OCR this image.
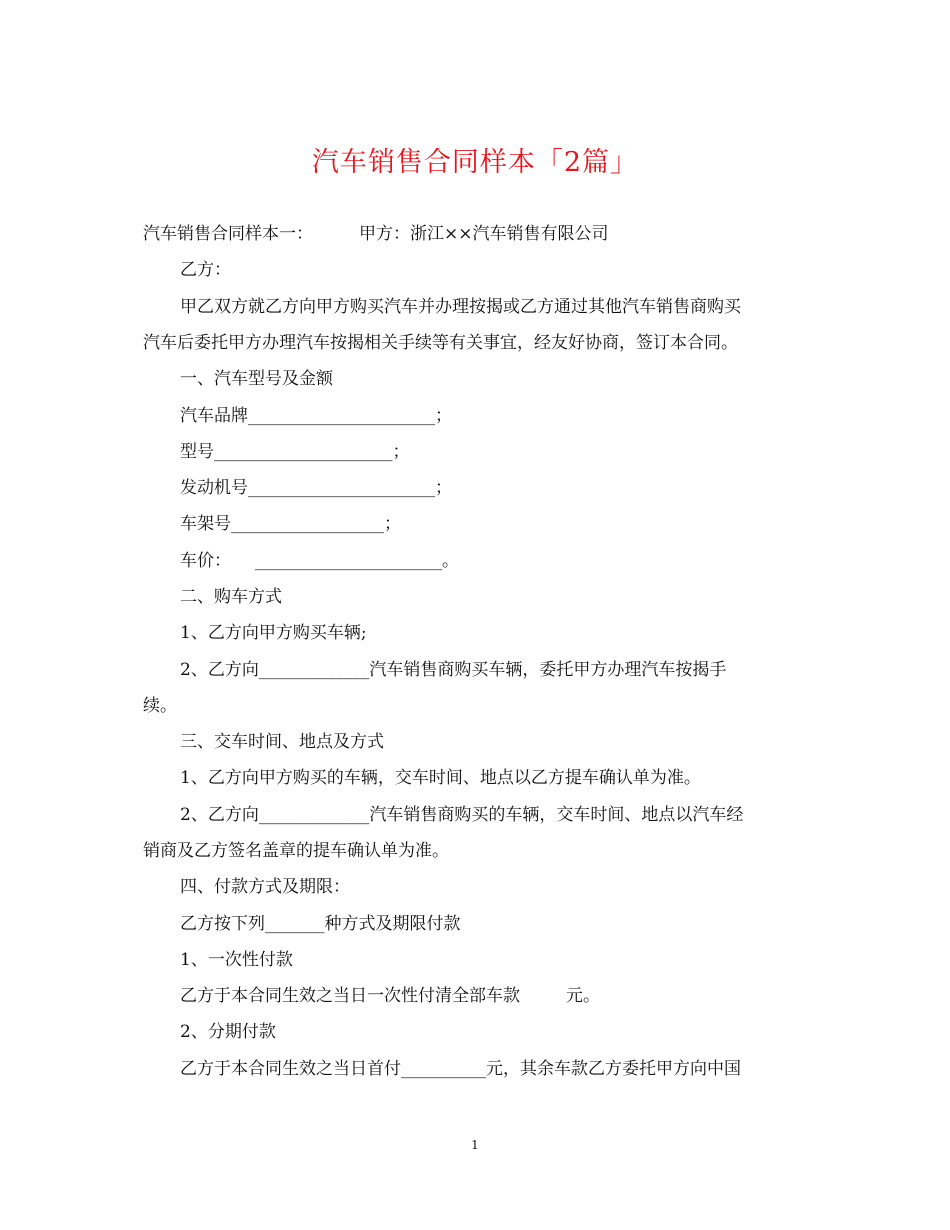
汽车销售合同样本「2篇」
汽车销售合同样本一：	甲方：浙江××汽车销售有限公司
乙方：
甲乙双方就乙方向甲方购买汽车并办理按揭或乙方通过其他汽车销售商购买
汽车后委托甲方办理汽车按揭相关手续等有关事宜，经友好协商，签订本合同。
一、汽车型号及金额
汽车品牌______________________；
型号_____________________；
发动机号______________________；
车架号__________________；
车价： ______________________。
二、购车方式
1、乙方向甲方购买车辆;
2、乙方向_____________汽车销售商购买车辆，委托甲方办理汽车按揭手
续。
三、交车时间、地点及方式
1、乙方向甲方购买的车辆，交车时间、地点以乙方提车确认单为准。
2、乙方向_____________汽车销售商购买的车辆，交车时间、地点以汽车经
销商及乙方签名盖章的提车确认单为准。
四、付款方式及期限：
乙方按下列_______种方式及期限付款
1、一次性付款
乙方于本合同生效之当日一次性付清全部车款	元。
2、分期付款
乙方于本合同生效之当日首付__________元，其余车款乙方委托甲方向中国
1
